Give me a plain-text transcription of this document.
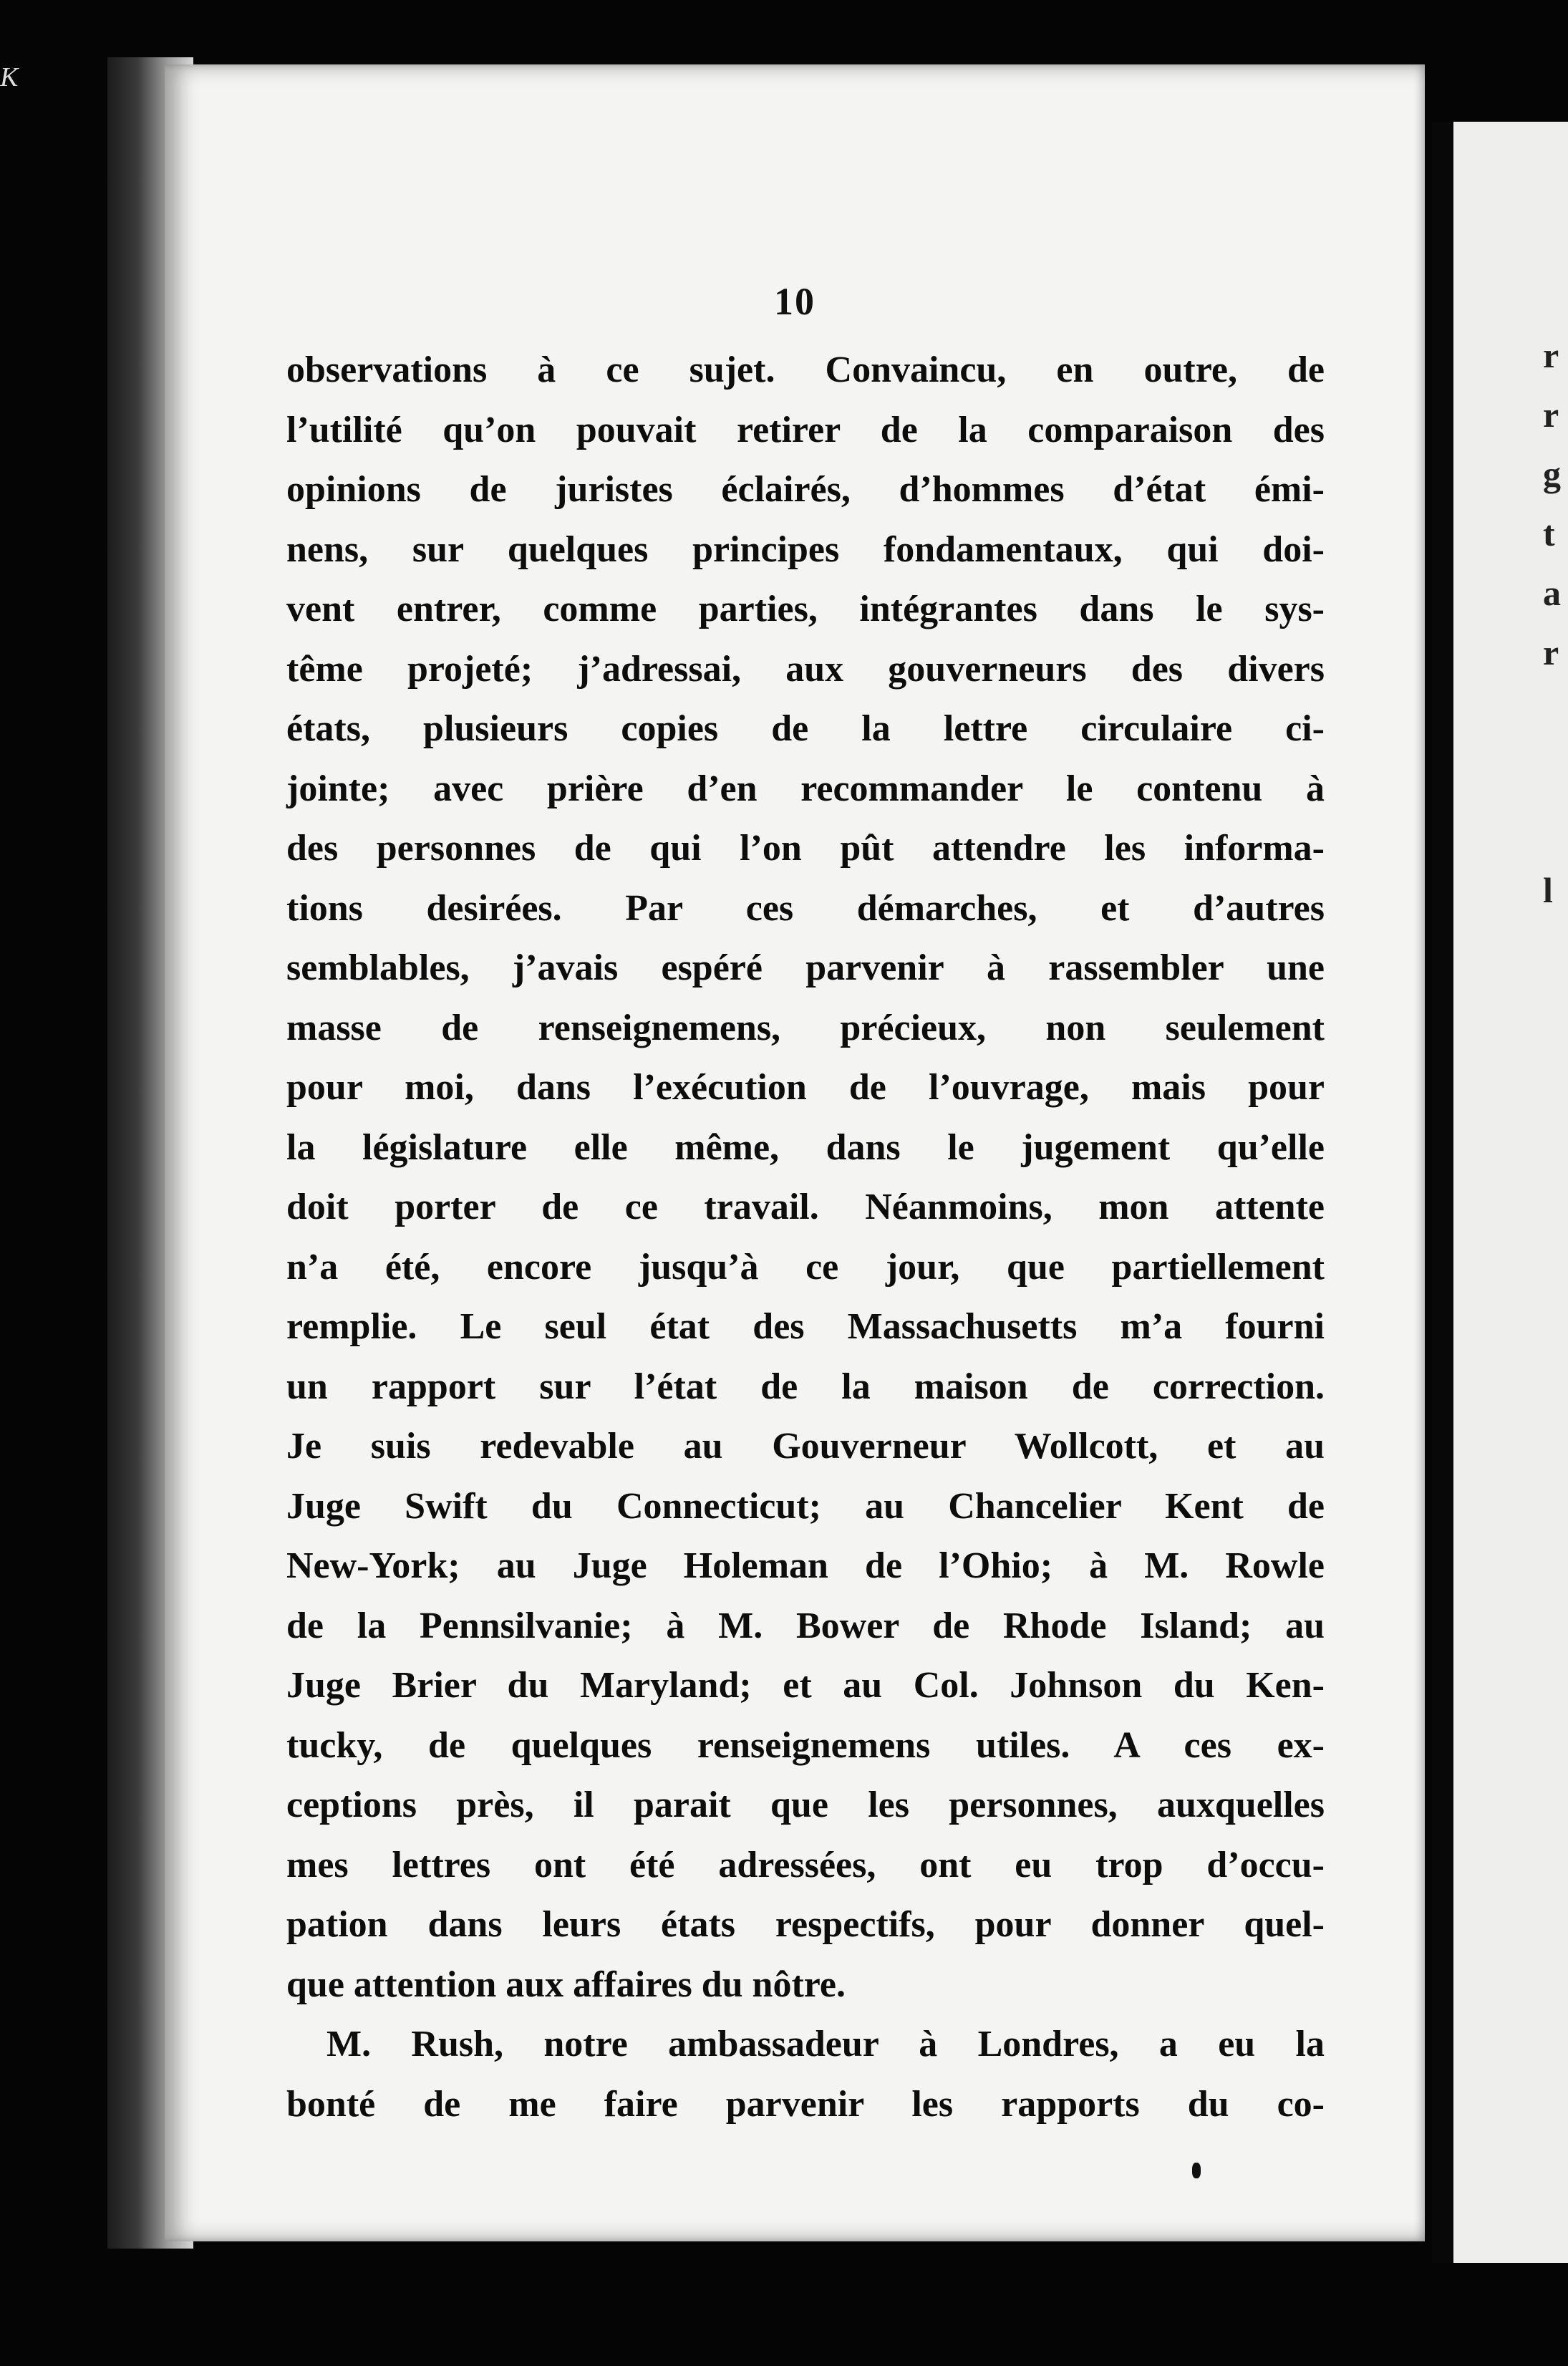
K
10
observations à ce sujet. Convaincu, en outre, de
l’utilité qu’on pouvait retirer de la comparaison des
opinions de juristes éclairés, d’hommes d’état émi-
nens, sur quelques principes fondamentaux, qui doi-
vent entrer, comme parties, intégrantes dans le sys-
tême projeté; j’adressai, aux gouverneurs des divers
états, plusieurs copies de la lettre circulaire ci-
jointe; avec prière d’en recommander le contenu à
des personnes de qui l’on pût attendre les informa-
tions desirées. Par ces démarches, et d’autres
semblables, j’avais espéré parvenir à rassembler une
masse de renseignemens, précieux, non seulement
pour moi, dans l’exécution de l’ouvrage, mais pour
la législature elle même, dans le jugement qu’elle
doit porter de ce travail. Néanmoins, mon attente
n’a été, encore jusqu’à ce jour, que partiellement
remplie. Le seul état des Massachusetts m’a fourni
un rapport sur l’état de la maison de correction.
Je suis redevable au Gouverneur Wollcott, et au
Juge Swift du Connecticut; au Chancelier Kent de
New-York; au Juge Holeman de l’Ohio; à M. Rowle
de la Pennsilvanie; à M. Bower de Rhode Island; au
Juge Brier du Maryland; et au Col. Johnson du Ken-
tucky, de quelques renseignemens utiles. A ces ex-
ceptions près, il parait que les personnes, auxquelles
mes lettres ont été adressées, ont eu trop d’occu-
pation dans leurs états respectifs, pour donner quel-
que attention aux affaires du nôtre.
M. Rush, notre ambassadeur à Londres, a eu la
bonté de me faire parvenir les rapports du co-
r
r
g
t
a
r
l
